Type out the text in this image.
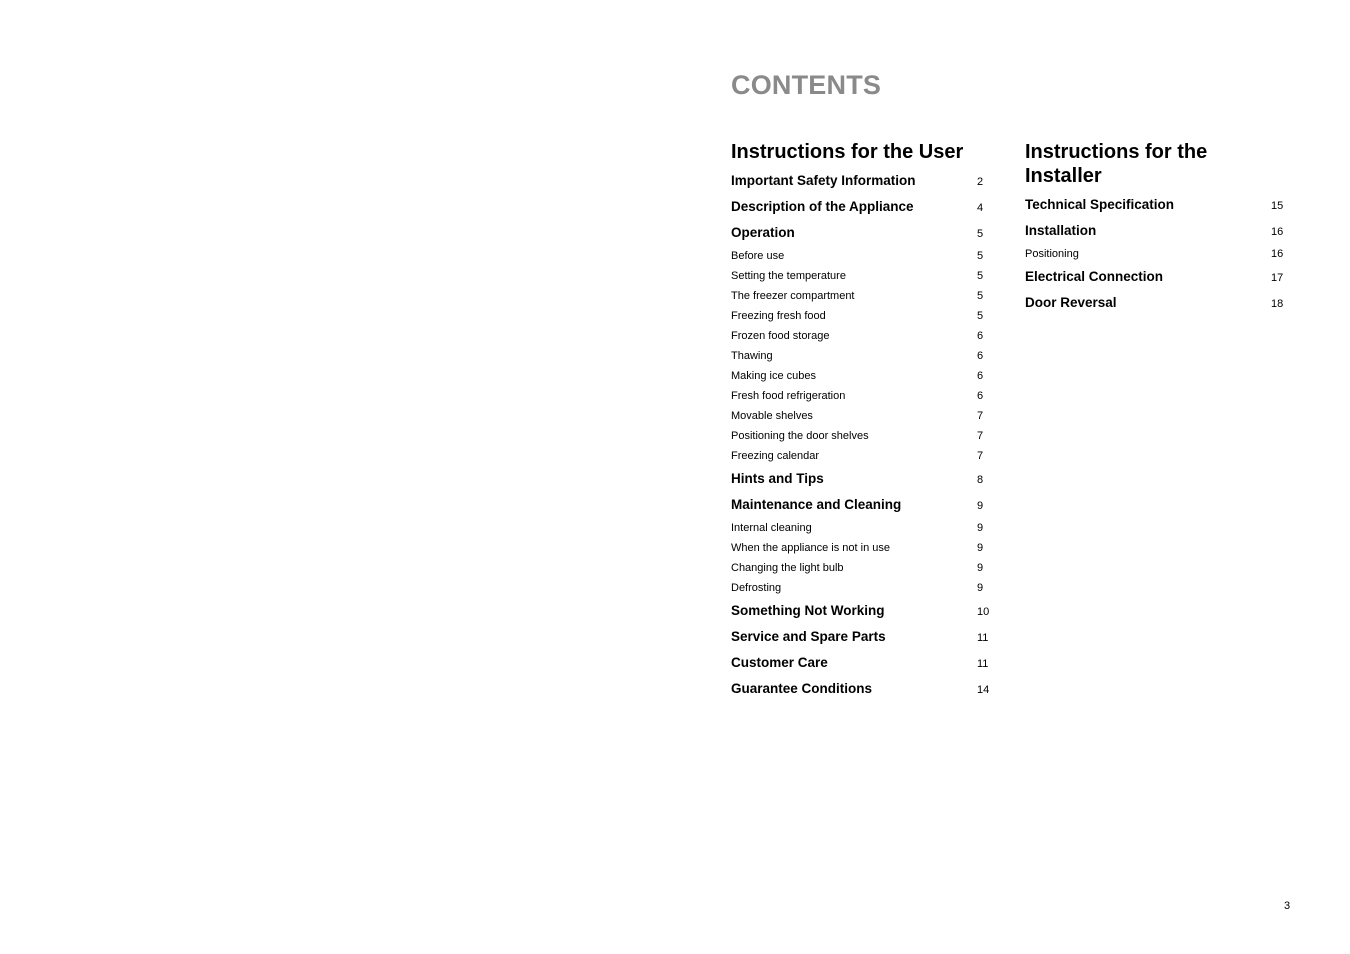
CONTENTS
Instructions for the User
Important Safety Information	2
Description of the Appliance	4
Operation	5
Before use	5
Setting the temperature	5
The freezer compartment	5
Freezing fresh food	5
Frozen food storage	6
Thawing	6
Making ice cubes	6
Fresh food refrigeration	6
Movable shelves	7
Positioning the door shelves	7
Freezing calendar	7
Hints and Tips	8
Maintenance and Cleaning	9
Internal cleaning	9
When the appliance is not in use	9
Changing the light bulb	9
Defrosting	9
Something Not Working	10
Service and Spare Parts	11
Customer Care	11
Guarantee Conditions	14
Instructions for the Installer
Technical Specification	15
Installation	16
Positioning	16
Electrical Connection	17
Door Reversal	18
3
